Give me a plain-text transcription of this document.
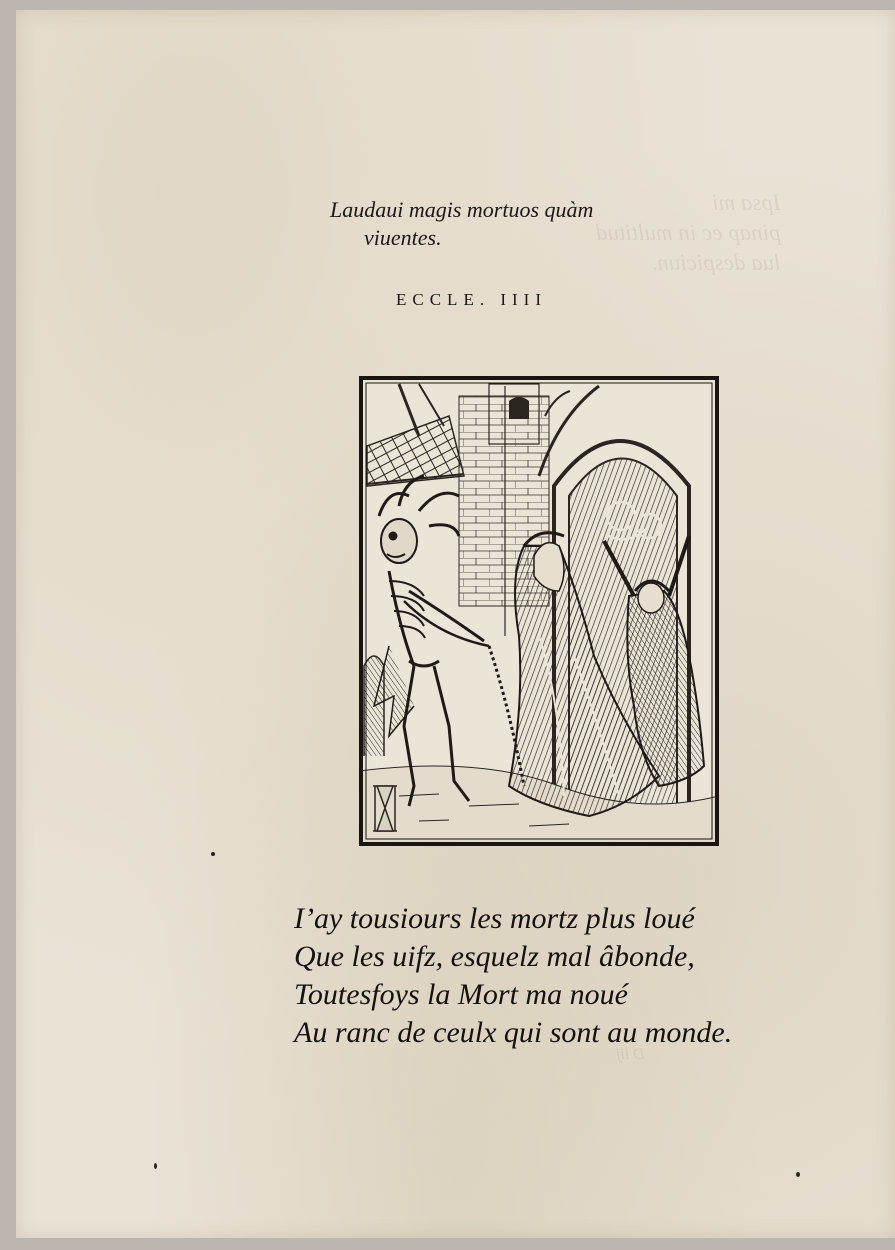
Ipsa mi
pinap ec in multitud
lua despiciun.
D iij
Laudaui magis mortuos quàm
viuentes.
ECCLE. IIII
I’ay tousiours les mortz plus loué
Que les uifz, esquelz mal âbonde,
Toutesfoys la Mort ma noué
Au ranc de ceulx qui sont au monde.
